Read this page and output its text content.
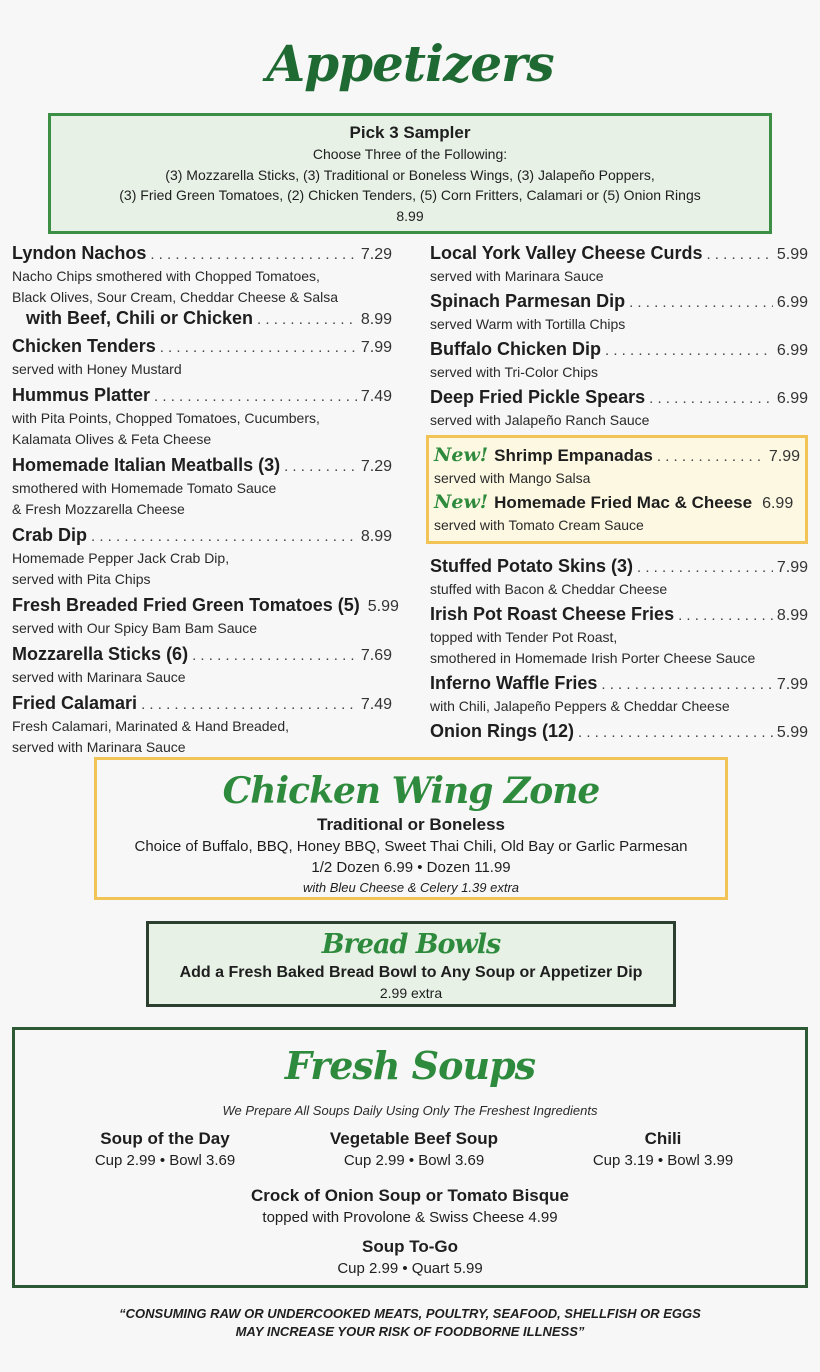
Appetizers
Pick 3 Sampler
Choose Three of the Following:
(3) Mozzarella Sticks, (3) Traditional or Boneless Wings, (3) Jalapeño Poppers,
(3) Fried Green Tomatoes, (2) Chicken Tenders, (5) Corn Fritters, Calamari or (5) Onion Rings
8.99
Lyndon Nachos . . .	7.29
Nacho Chips smothered with Chopped Tomatoes,
Black Olives, Sour Cream, Cheddar Cheese & Salsa
with Beef, Chili or Chicken . . .	8.99
Chicken Tenders . . .	7.99
served with Honey Mustard
Hummus Platter . . .	7.49
with Pita Points, Chopped Tomatoes, Cucumbers,
Kalamata Olives & Feta Cheese
Homemade Italian Meatballs (3) . . .	7.29
smothered with Homemade Tomato Sauce
& Fresh Mozzarella Cheese
Crab Dip . . .	8.99
Homemade Pepper Jack Crab Dip,
served with Pita Chips
Fresh Breaded Fried Green Tomatoes (5) 5.99
served with Our Spicy Bam Bam Sauce
Mozzarella Sticks (6) . . .	7.69
served with Marinara Sauce
Fried Calamari . . .	7.49
Fresh Calamari, Marinated & Hand Breaded,
served with Marinara Sauce
Local York Valley Cheese Curds . . .	5.99
served with Marinara Sauce
Spinach Parmesan Dip . . .	6.99
served Warm with Tortilla Chips
Buffalo Chicken Dip . . .	6.99
served with Tri-Color Chips
Deep Fried Pickle Spears . . .	6.99
served with Jalapeño Ranch Sauce
New! Shrimp Empanadas . . .	7.99
served with Mango Salsa
New! Homemade Fried Mac & Cheese 6.99
served with Tomato Cream Sauce
Stuffed Potato Skins (3) . . .	7.99
stuffed with Bacon & Cheddar Cheese
Irish Pot Roast Cheese Fries . . .	8.99
topped with Tender Pot Roast,
smothered in Homemade Irish Porter Cheese Sauce
Inferno Waffle Fries . . .	7.99
with Chili, Jalapeño Peppers & Cheddar Cheese
Onion Rings (12) . . .	5.99
Chicken Wing Zone
Traditional or Boneless
Choice of Buffalo, BBQ, Honey BBQ, Sweet Thai Chili, Old Bay or Garlic Parmesan
1/2 Dozen 6.99 • Dozen 11.99
with Bleu Cheese & Celery 1.39 extra
Bread Bowls
Add a Fresh Baked Bread Bowl to Any Soup or Appetizer Dip
2.99 extra
Fresh Soups
We Prepare All Soups Daily Using Only The Freshest Ingredients
Soup of the Day
Cup 2.99 • Bowl 3.69
Vegetable Beef Soup
Cup 2.99 • Bowl 3.69
Chili
Cup 3.19 • Bowl 3.99
Crock of Onion Soup or Tomato Bisque
topped with Provolone & Swiss Cheese 4.99
Soup To-Go
Cup 2.99 • Quart 5.99
“CONSUMING RAW OR UNDERCOOKED MEATS, POULTRY, SEAFOOD, SHELLFISH OR EGGS
MAY INCREASE YOUR RISK OF FOODBORNE ILLNESS”
